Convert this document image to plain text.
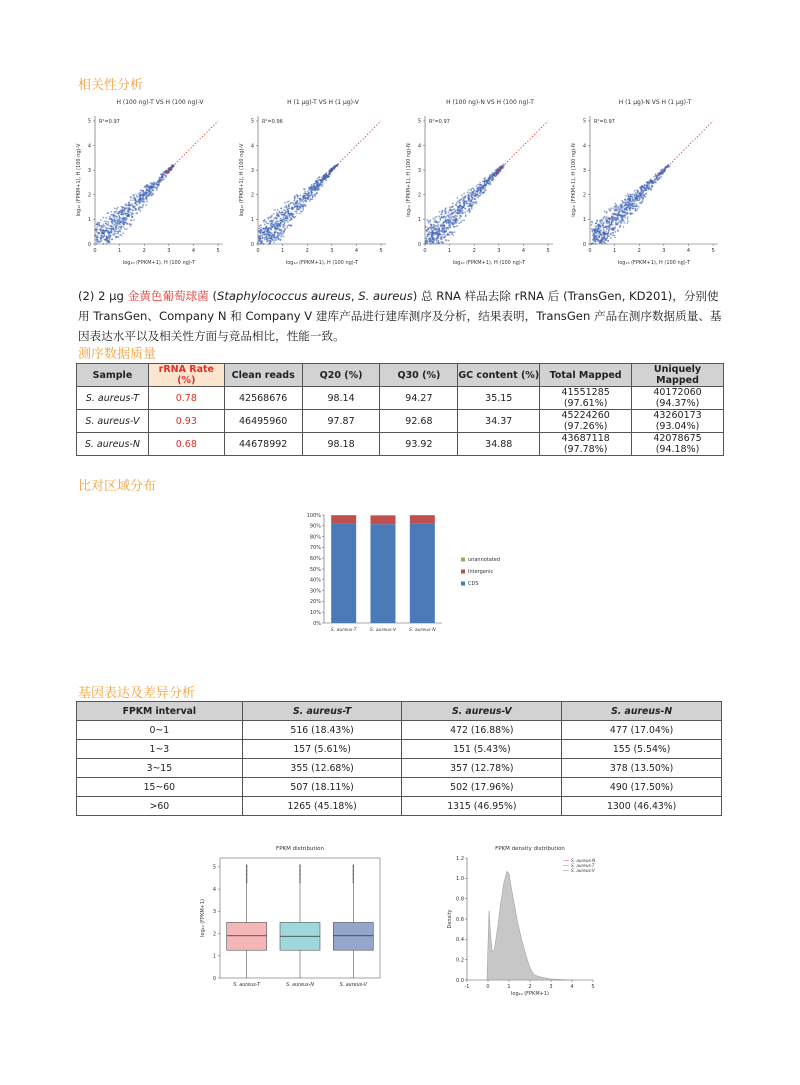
相关性分析
测序数据质量
比对区域分布
基因表达及差异分析
H (100 ng)-T VS H (100 ng)-V
0	1	2	3	4	5
0
1
2
3
4
5 R²=0.97
log₁₀ (FPKM+1), H (100 ng)-T
log₁₀ (FPKM+1), H (100 ng)-V
H (1 μg)-T VS H (1 μg)-V
0	1	2	3	4	5
0
1
2
3
4
5 R²=0.96
log₁₀ (FPKM+1), H (100 ng)-T
log₁₀ (FPKM+1), H (100 ng)-V
H (100 ng)-N VS H (100 ng)-T
0	1	2	3	4	5
0
1
2
3
4
5 R²=0.97
log₁₀ (FPKM+1), H (100 ng)-T
log₁₀ (FPKM+1), H (100 ng)-N
H (1 μg)-N VS H (1 μg)-T
0	1	2	3	4	5
0
1
2
3
4
5 R²=0.97
log₁₀ (FPKM+1), H (100 ng)-T
log₁₀ (FPKM+1), H (100 ng)-N
(2) 2 μg 金黄色葡萄球菌 (Staphylococcus aureus, S. aureus) 总 RNA 样品去除 rRNA 后 (TransGen, KD201)，分别使用 TransGen、Company N 和 Company V 建库产品进行建库测序及分析，结果表明，TransGen 产品在测序数据质量、基因表达水平以及相关性方面与竞品相比，性能一致。
Sample	rRNA Rate (%)	Clean reads	Q20 (%)	Q30 (%)	GC content (%)	Total Mapped	Uniquely Mapped
S. aureus-T	0.78	42568676	98.14	94.27	35.15	41551285 (97.61%)	40172060 (94.37%)
S. aureus-V	0.93	46495960	97.87	92.68	34.37	45224260 (97.26%)	43260173 (93.04%)
S. aureus-N	0.68	44678992	98.18	93.92	34.88	43687118 (97.78%)	42078675 (94.18%)
0%
10%
20%
30%
40%
50%
60%
70%
80%
90%
100%
S. aureus-T	S. aureus-V	S. aureus-N
unannotated
Intergenic
CDS
FPKM interval	S. aureus-T	S. aureus-V	S. aureus-N
0~1	516 (18.43%)	472 (16.88%)	477 (17.04%)
1~3	157 (5.61%)	151 (5.43%)	155 (5.54%)
3~15	355 (12.68%)	357 (12.78%)	378 (13.50%)
15~60	507 (18.11%)	502 (17.96%)	490 (17.50%)
>60	1265 (45.18%)	1315 (46.95%)	1300 (46.43%)
FPKM distribution
0
1
2
3
4
5
log₁₀ (FPKM+1)
S. aureus-T	S. aureus-N	S. aureus-V
FPKM density distribution
-1	0	1	2	3	4	5
0.0
0.2
0.4
0.6
0.8
1.0
1.2
log₁₀ (FPKM+1)
Density
S. aureus-N
S. aureus-T
S. aureus-V
